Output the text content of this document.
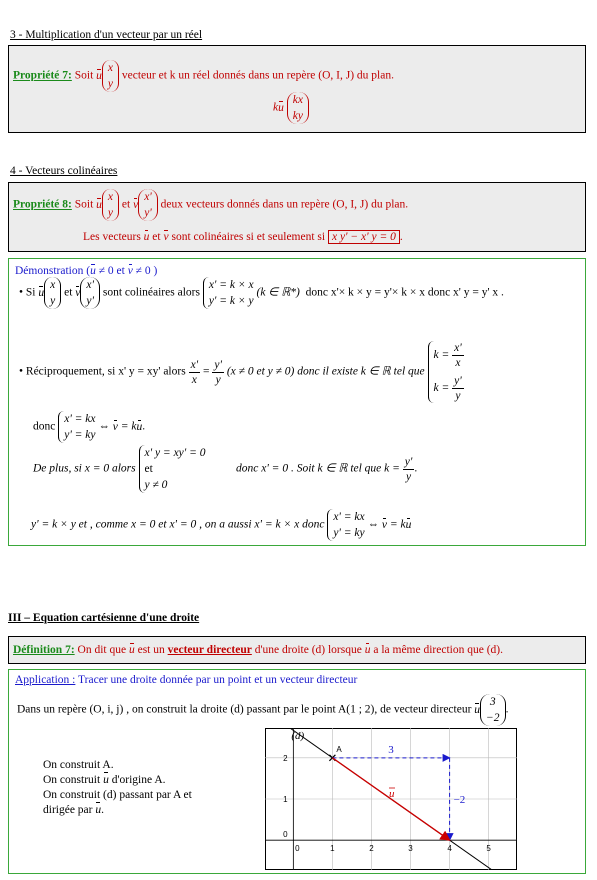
3 - Multiplication d'un vecteur par un réel
Propriété 7: Soit u
x
y
vecteur et k un réel donnés dans un repère (O, I, J) du plan.
ku
kx
ky
4 - Vecteurs colinéaires
Propriété 8: Soit u
x
y
et v
x'
y'
deux vecteurs donnés dans un repère (O, I, J) du plan.
Les vecteurs u et v sont colinéaires si et seulement si x y' − x' y = 0 .
Démonstration (u ≠ 0 et v ≠ 0 )
• Si u
x
y
et v
x'
y'
sont colinéaires alors
x' = k × x
y' = k × y
(k ∈ ℝ*) donc x'× k × y = y'× k × x donc x' y = y' x .
• Réciproquement, si x' y = xy' alors $\frac{x'}{x} = \frac{y'}{y} (x \ne 0$ et y ≠ 0) donc il existe k ∈ ℝ tel que
$k = \frac{x'}{x}$
$k = \frac{y'}{y}$
donc
x' = kx
y' = ky
⇔ v = ku.
De plus, si x = 0 alors
x' y = xy' = 0
et
y ≠ 0
donc x' = 0 . Soit k ∈ ℝ tel que $k = \frac{y'}{y}$ .
y' = k × y et , comme x = 0 et x' = 0 , on a aussi x' = k × x donc
x' = kx
y' = ky
⇔ v = ku
III – Equation cartésienne d'une droite
Définition 7: On dit que u est un vecteur directeur d'une droite (d) lorsque u a la même direction que (d).
Application : Tracer une droite donnée par un point et un vecteur directeur
Dans un repère (O, i, j) , on construit la droite (d) passant par le point A(1 ; 2), de vecteur directeur u
3
−2
.
On construit A.
On construit u d'origine A.
On construit (d) passant par A et
dirigée par u.
0	1	2	3	4	5
0
1
2
(d)
A	3
−2
u
